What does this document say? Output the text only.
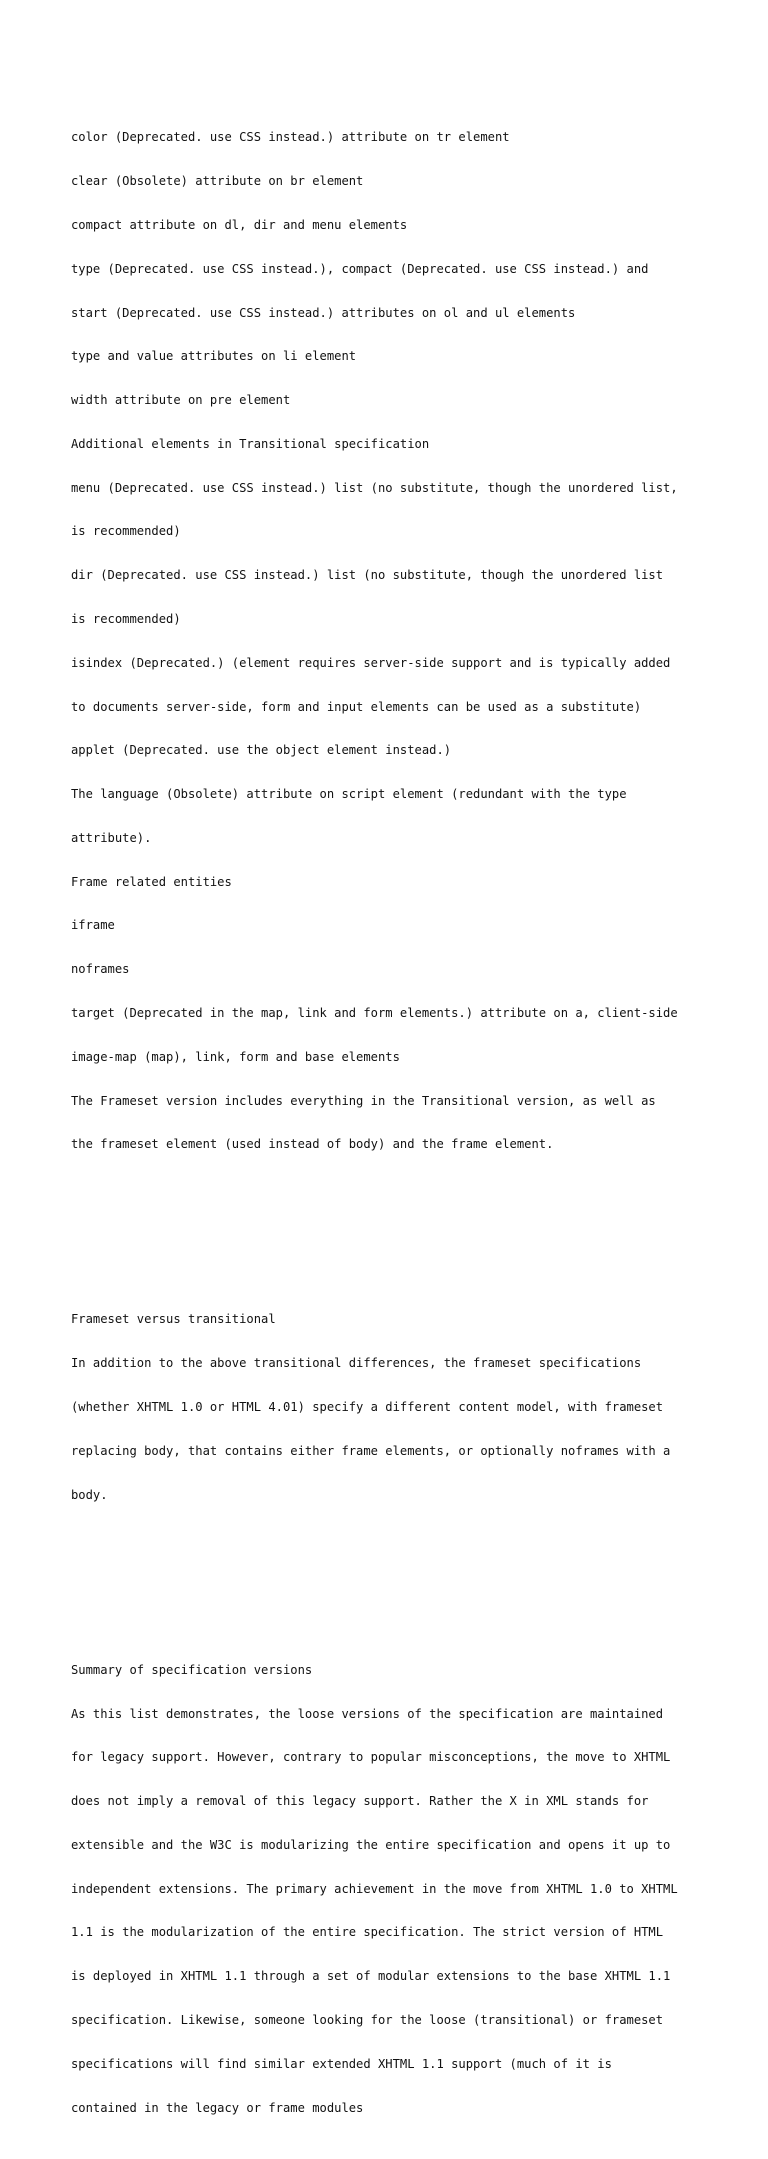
color (Deprecated. use CSS instead.) attribute on tr element

clear (Obsolete) attribute on br element

compact attribute on dl, dir and menu elements

type (Deprecated. use CSS instead.), compact (Deprecated. use CSS instead.) and

start (Deprecated. use CSS instead.) attributes on ol and ul elements

type and value attributes on li element

width attribute on pre element

Additional elements in Transitional specification

menu (Deprecated. use CSS instead.) list (no substitute, though the unordered list,

is recommended)

dir (Deprecated. use CSS instead.) list (no substitute, though the unordered list

is recommended)

isindex (Deprecated.) (element requires server-side support and is typically added

to documents server-side, form and input elements can be used as a substitute)

applet (Deprecated. use the object element instead.)

The language (Obsolete) attribute on script element (redundant with the type

attribute).

Frame related entities

iframe

noframes

target (Deprecated in the map, link and form elements.) attribute on a, client-side

image-map (map), link, form and base elements

The Frameset version includes everything in the Transitional version, as well as

the frameset element (used instead of body) and the frame element.

Frameset versus transitional

In addition to the above transitional differences, the frameset specifications

(whether XHTML 1.0 or HTML 4.01) specify a different content model, with frameset

replacing body, that contains either frame elements, or optionally noframes with a

body.

Summary of specification versions

As this list demonstrates, the loose versions of the specification are maintained

for legacy support. However, contrary to popular misconceptions, the move to XHTML

does not imply a removal of this legacy support. Rather the X in XML stands for

extensible and the W3C is modularizing the entire specification and opens it up to

independent extensions. The primary achievement in the move from XHTML 1.0 to XHTML

1.1 is the modularization of the entire specification. The strict version of HTML

is deployed in XHTML 1.1 through a set of modular extensions to the base XHTML 1.1

specification. Likewise, someone looking for the loose (transitional) or frameset

specifications will find similar extended XHTML 1.1 support (much of it is

contained in the legacy or frame modules
